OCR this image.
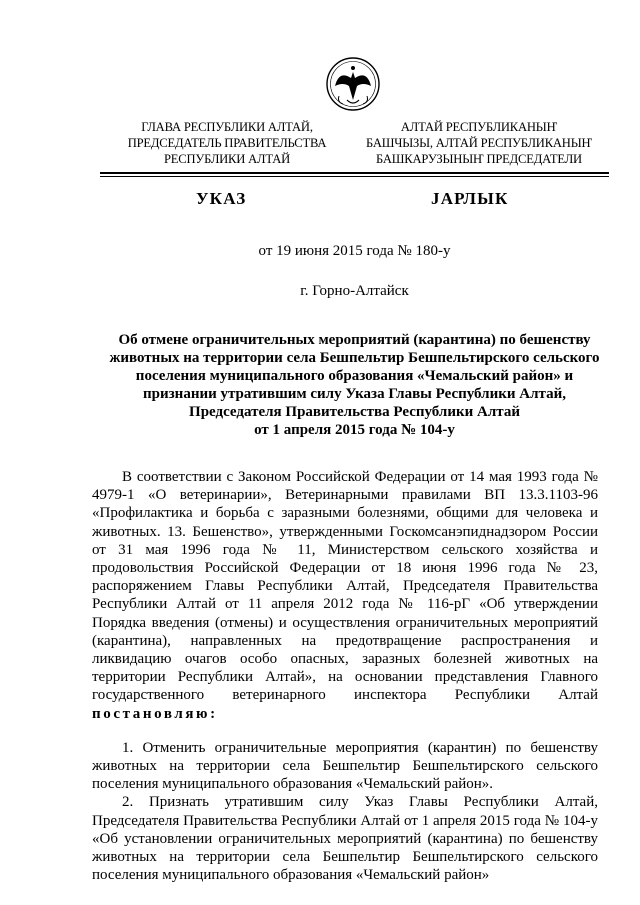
ГЛАВА РЕСПУБЛИКИ АЛТАЙ,
ПРЕДСЕДАТЕЛЬ ПРАВИТЕЛЬСТВА
РЕСПУБЛИКИ АЛТАЙ
АЛТАЙ РЕСПУБЛИКАНЫҤ
БАШЧЫЗЫ, АЛТАЙ РЕСПУБЛИКАНЫҤ
БАШКАРУЗЫНЫҤ ПРЕДСЕДАТЕЛИ
УКАЗ	JАРЛЫК
от 19 июня 2015 года № 180-у
г. Горно-Алтайск
Об отмене ограничительных мероприятий (карантина) по бешенству
животных на территории села Бешпельтир Бешпельтирского сельского
поселения муниципального образования «Чемальский район» и
признании утратившим силу Указа Главы Республики Алтай,
Председателя Правительства Республики Алтай
от 1 апреля 2015 года № 104-у

В соответствии с Законом Российской Федерации от 14 мая 1993 года № 4979-1 «О ветеринарии», Ветеринарными правилами ВП 13.3.1103-96 «Профилактика и борьба с заразными болезнями, общими для человека и животных. 13. Бешенство», утвержденными Госкомсанэпиднадзором России от 31 мая 1996 года № 11, Министерством сельского хозяйства и продовольствия Российской Федерации от 18 июня 1996 года № 23, распоряжением Главы Республики Алтай, Председателя Правительства Республики Алтай от 11 апреля 2012 года № 116-рГ «Об утверждении Порядка введения (отмены) и осуществления ограничительных мероприятий (карантина), направленных на предотвращение распространения и ликвидацию очагов особо опасных, заразных болезней животных на территории Республики Алтай», на основании представления Главного государственного ветеринарного инспектора Республики Алтай постановляю:

1. Отменить ограничительные мероприятия (карантин) по бешенству животных на территории села Бешпельтир Бешпельтирского сельского поселения муниципального образования «Чемальский район».

2. Признать утратившим силу Указ Главы Республики Алтай, Председателя Правительства Республики Алтай от 1 апреля 2015 года № 104-у «Об установлении ограничительных мероприятий (карантина) по бешенству животных на территории села Бешпельтир Бешпельтирского сельского поселения муниципального образования «Чемальский район»
